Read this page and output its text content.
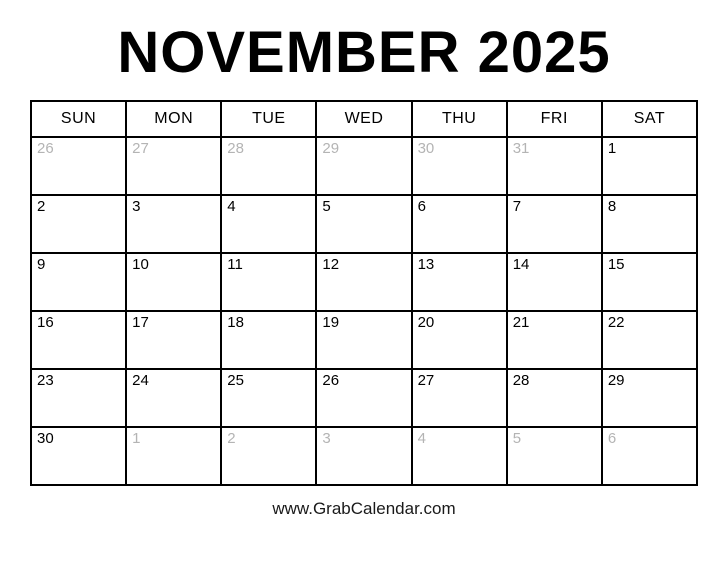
NOVEMBER 2025
SUN	MON	TUE	WED	THU	FRI	SAT

26	27	28	29	30	31	1

2	3	4	5	6	7	8

9	10	11	12	13	14	15

16	17	18	19	20	21	22

23	24	25	26	27	28	29

30	1	2	3	4	5	6
www.GrabCalendar.com
